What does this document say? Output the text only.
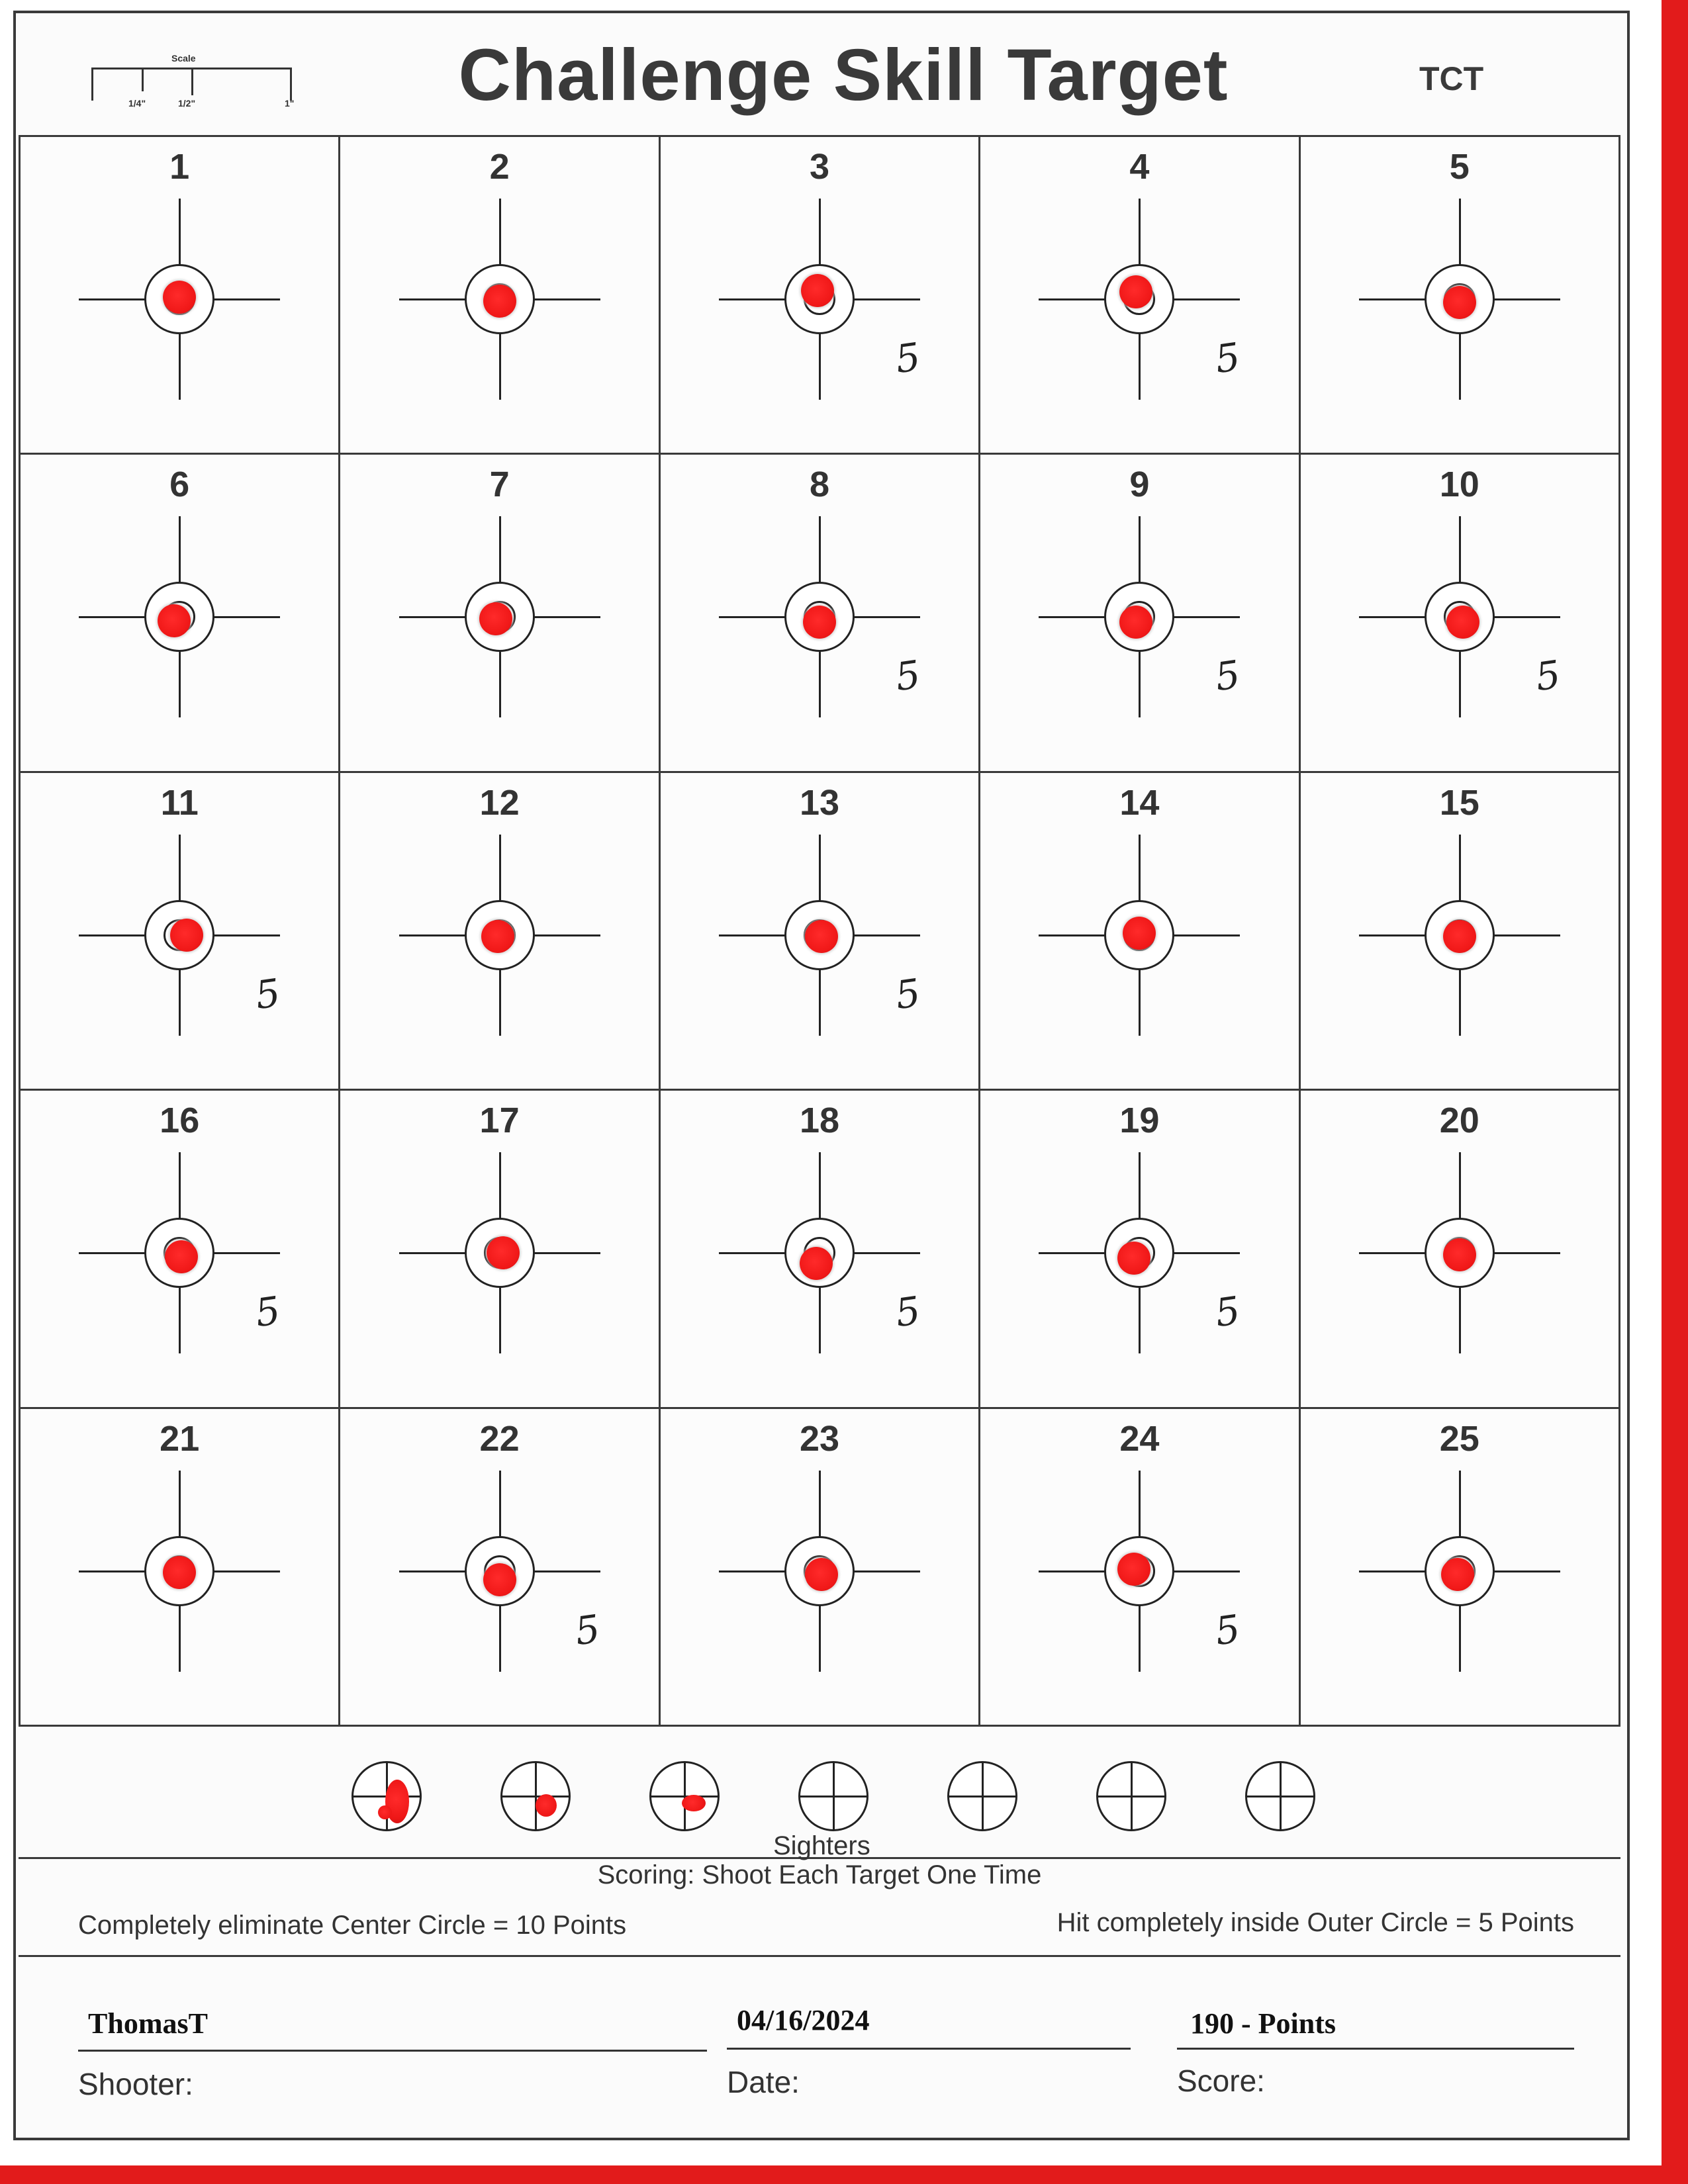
Scale
1/4"	1/2"	1"	Challenge Skill Target	TCT
1	2	3
5
4
5
5
6	7	8
5
9
5
10
5
11
5
12	13
5
14	15
16
5
17	18
5
19
5
20
21	22
5
23	24
5
25
Sighters
Scoring: Shoot Each Target One Time
Completely eliminate Center Circle = 10 Points	Hit completely inside Outer Circle = 5 Points
ThomasT
Shooter:
04/16/2024
Date:
190 - Points
Score:
